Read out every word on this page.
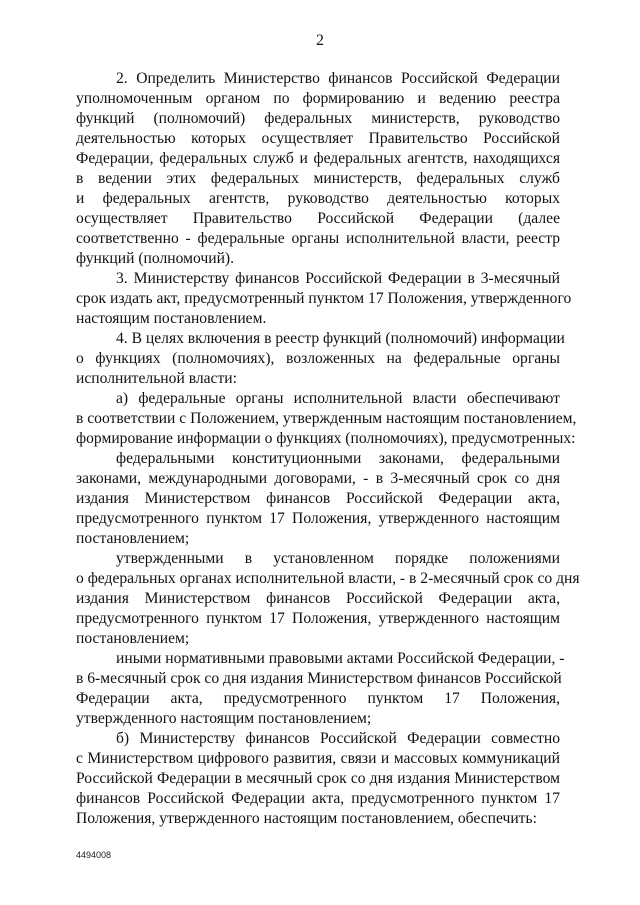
2
2. Определить Министерство финансов Российской Федерации
уполномоченным органом по формированию и ведению реестра
функций (полномочий) федеральных министерств, руководство
деятельностью которых осуществляет Правительство Российской
Федерации, федеральных служб и федеральных агентств, находящихся
в ведении этих федеральных министерств, федеральных служб
и федеральных агентств, руководство деятельностью которых
осуществляет Правительство Российской Федерации (далее
соответственно - федеральные органы исполнительной власти, реестр
функций (полномочий).
3. Министерству финансов Российской Федерации в 3-месячный
срок издать акт, предусмотренный пунктом 17 Положения, утвержденного
настоящим постановлением.
4. В целях включения в реестр функций (полномочий) информации
о функциях (полномочиях), возложенных на федеральные органы
исполнительной власти:
а) федеральные органы исполнительной власти обеспечивают
в соответствии с Положением, утвержденным настоящим постановлением,
формирование информации о функциях (полномочиях), предусмотренных:
федеральными конституционными законами, федеральными
законами, международными договорами, - в 3-месячный срок со дня
издания Министерством финансов Российской Федерации акта,
предусмотренного пунктом 17 Положения, утвержденного настоящим
постановлением;
утвержденными в установленном порядке положениями
о федеральных органах исполнительной власти, - в 2-месячный срок со дня
издания Министерством финансов Российской Федерации акта,
предусмотренного пунктом 17 Положения, утвержденного настоящим
постановлением;
иными нормативными правовыми актами Российской Федерации, -
в 6-месячный срок со дня издания Министерством финансов Российской
Федерации акта, предусмотренного пунктом 17 Положения,
утвержденного настоящим постановлением;
б) Министерству финансов Российской Федерации совместно
с Министерством цифрового развития, связи и массовых коммуникаций
Российской Федерации в месячный срок со дня издания Министерством
финансов Российской Федерации акта, предусмотренного пунктом 17
Положения, утвержденного настоящим постановлением, обеспечить:
4494008
